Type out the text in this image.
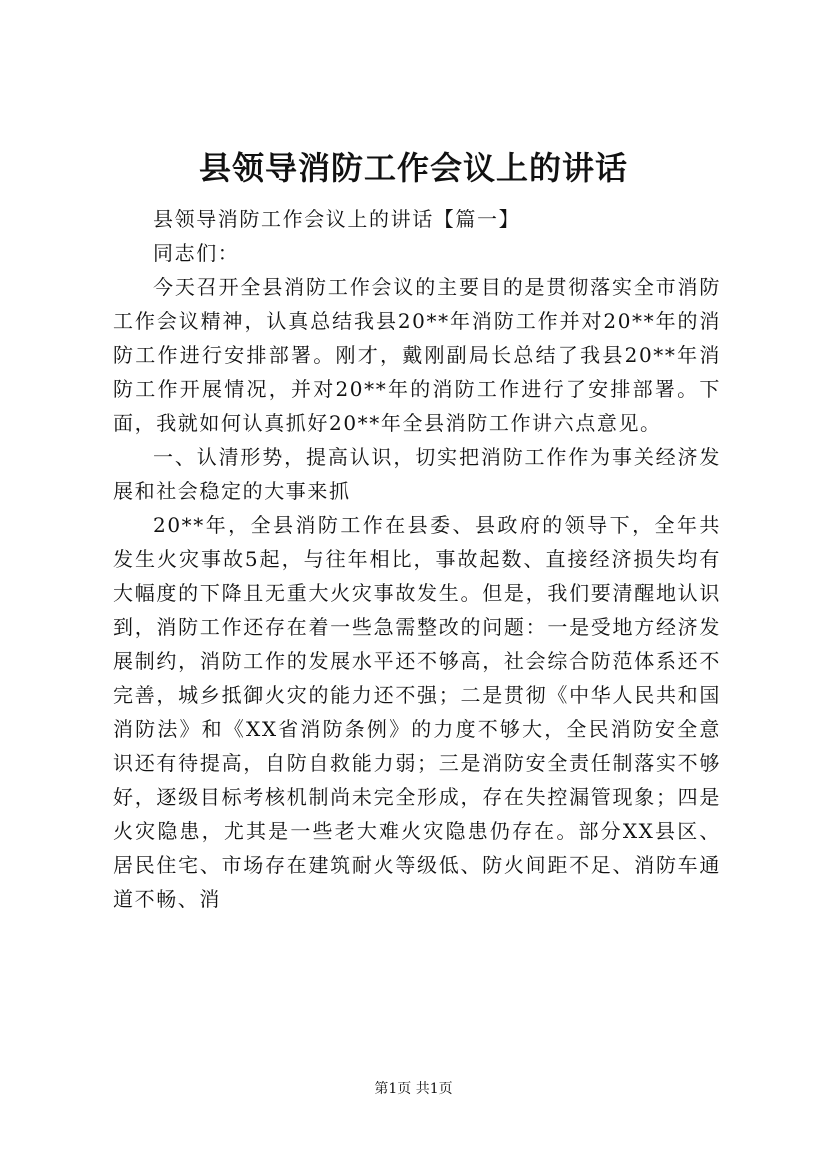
县领导消防工作会议上的讲话

县领导消防工作会议上的讲话【篇一】

同志们：

今天召开全县消防工作会议的主要目的是贯彻落实全市消防工作会议精神，认真总结我县20**年消防工作并对20**年的消防工作进行安排部署。刚才，戴刚副局长总结了我县20**年消防工作开展情况，并对20**年的消防工作进行了安排部署。下面，我就如何认真抓好20**年全县消防工作讲六点意见。

一、认清形势，提高认识，切实把消防工作作为事关经济发展和社会稳定的大事来抓

20**年，全县消防工作在县委、县政府的领导下，全年共发生火灾事故5起，与往年相比，事故起数、直接经济损失均有大幅度的下降且无重大火灾事故发生。但是，我们要清醒地认识到，消防工作还存在着一些急需整改的问题：一是受地方经济发展制约，消防工作的发展水平还不够高，社会综合防范体系还不完善，城乡抵御火灾的能力还不强；二是贯彻《中华人民共和国消防法》和《XX省消防条例》的力度不够大，全民消防安全意识还有待提高，自防自救能力弱；三是消防安全责任制落实不够好，逐级目标考核机制尚未完全形成，存在失控漏管现象；四是火灾隐患，尤其是一些老大难火灾隐患仍存在。部分XX县区、居民住宅、市场存在建筑耐火等级低、防火间距不足、消防车通道不畅、消

第1页 共1页
